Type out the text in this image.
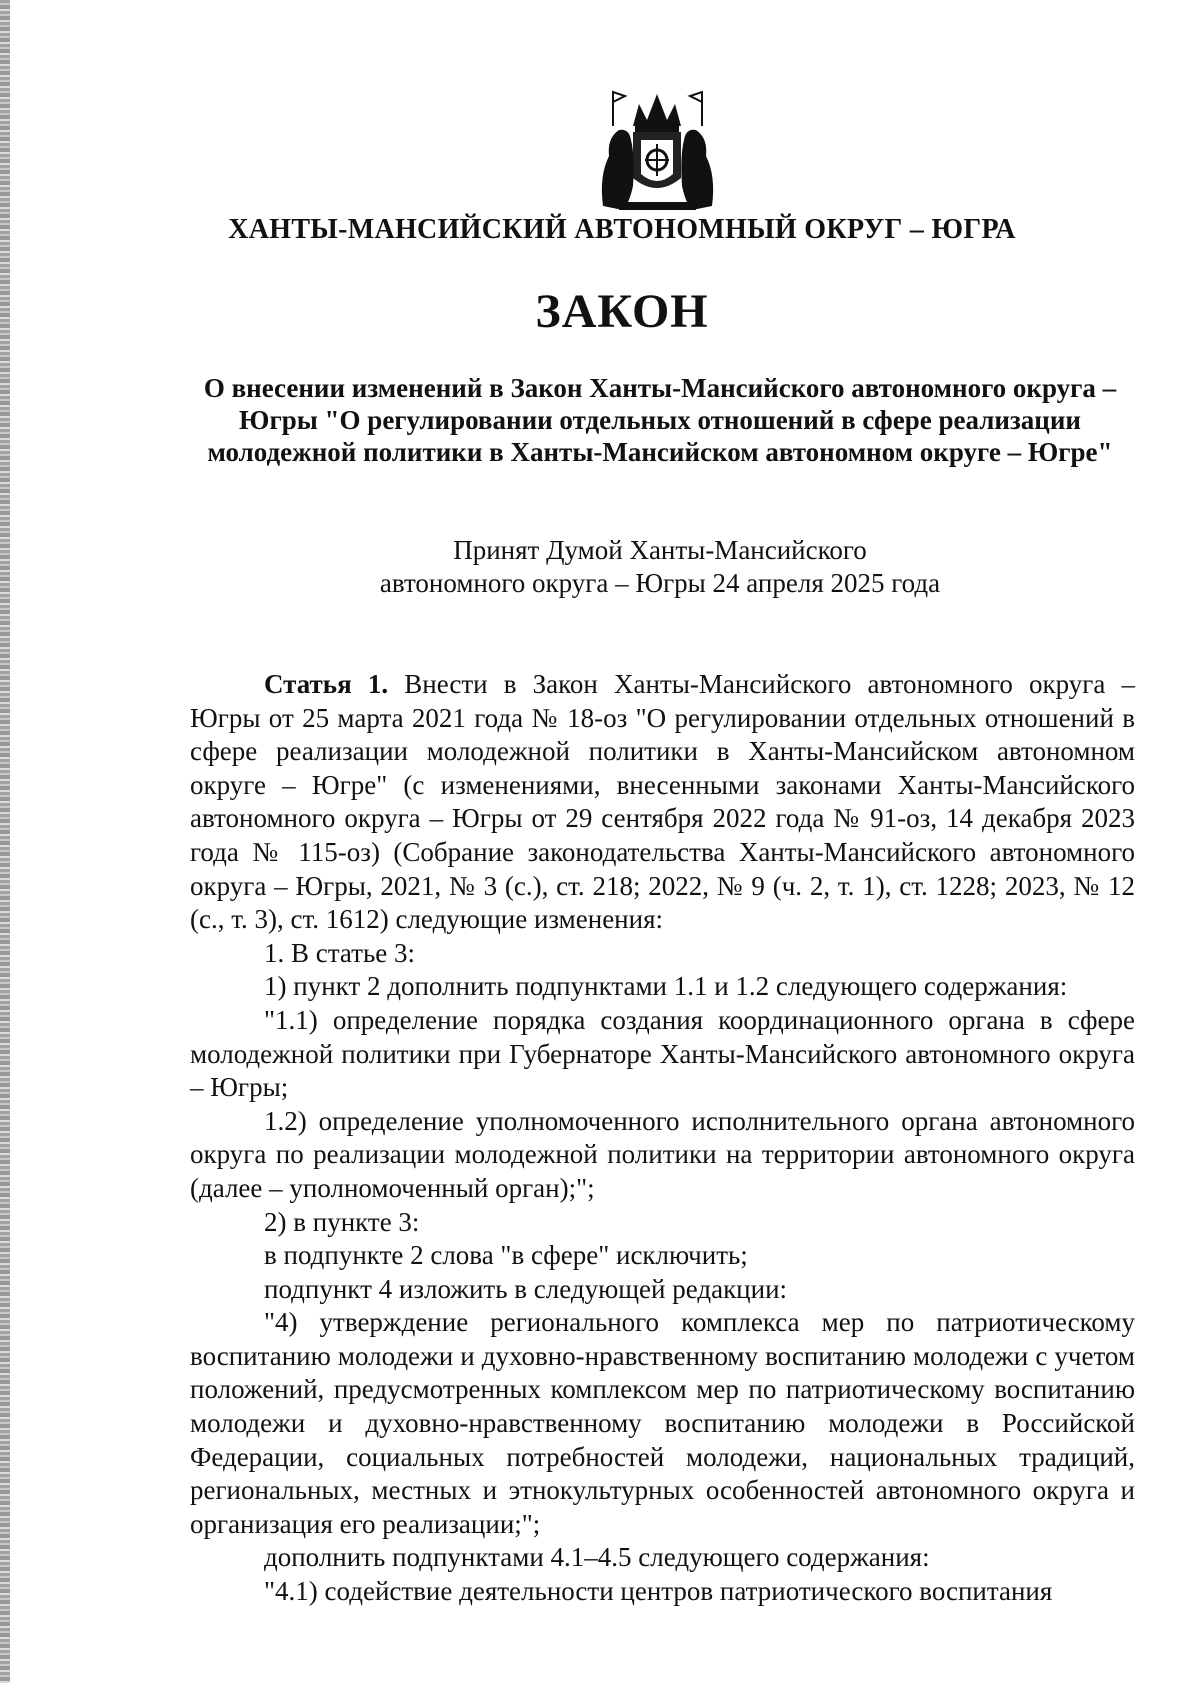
ХАНТЫ-МАНСИЙСКИЙ АВТОНОМНЫЙ ОКРУГ – ЮГРА
ЗАКОН
О внесении изменений в Закон Ханты-Мансийского автономного округа – Югры "О регулировании отдельных отношений в сфере реализации молодежной политики в Ханты-Мансийском автономном округе – Югре"
Принят Думой Ханты-Мансийского
автономного округа – Югры 24 апреля 2025 года

Статья 1. Внести в Закон Ханты-Мансийского автономного округа – Югры от 25 марта 2021 года № 18-оз "О регулировании отдельных отношений в сфере реализации молодежной политики в Ханты-Мансийском автономном округе – Югре" (с изменениями, внесенными законами Ханты-Мансийского автономного округа – Югры от 29 сентября 2022 года № 91-оз, 14 декабря 2023 года № 115-оз) (Собрание законодательства Ханты-Мансийского автономного округа – Югры, 2021, № 3 (с.), ст. 218; 2022, № 9 (ч. 2, т. 1), ст. 1228; 2023, № 12 (с., т. 3), ст. 1612) следующие изменения:

1. В статье 3:

1) пункт 2 дополнить подпунктами 1.1 и 1.2 следующего содержания:

"1.1) определение порядка создания координационного органа в сфере молодежной политики при Губернаторе Ханты-Мансийского автономного округа – Югры;

1.2) определение уполномоченного исполнительного органа автономного округа по реализации молодежной политики на территории автономного округа (далее – уполномоченный орган);";

2) в пункте 3:

в подпункте 2 слова "в сфере" исключить;

подпункт 4 изложить в следующей редакции:

"4) утверждение регионального комплекса мер по патриотическому воспитанию молодежи и духовно-нравственному воспитанию молодежи с учетом положений, предусмотренных комплексом мер по патриотическому воспитанию молодежи и духовно-нравственному воспитанию молодежи в Российской Федерации, социальных потребностей молодежи, национальных традиций, региональных, местных и этнокультурных особенностей автономного округа и организация его реализации;";

дополнить подпунктами 4.1–4.5 следующего содержания:

"4.1) содействие деятельности центров патриотического воспитания
